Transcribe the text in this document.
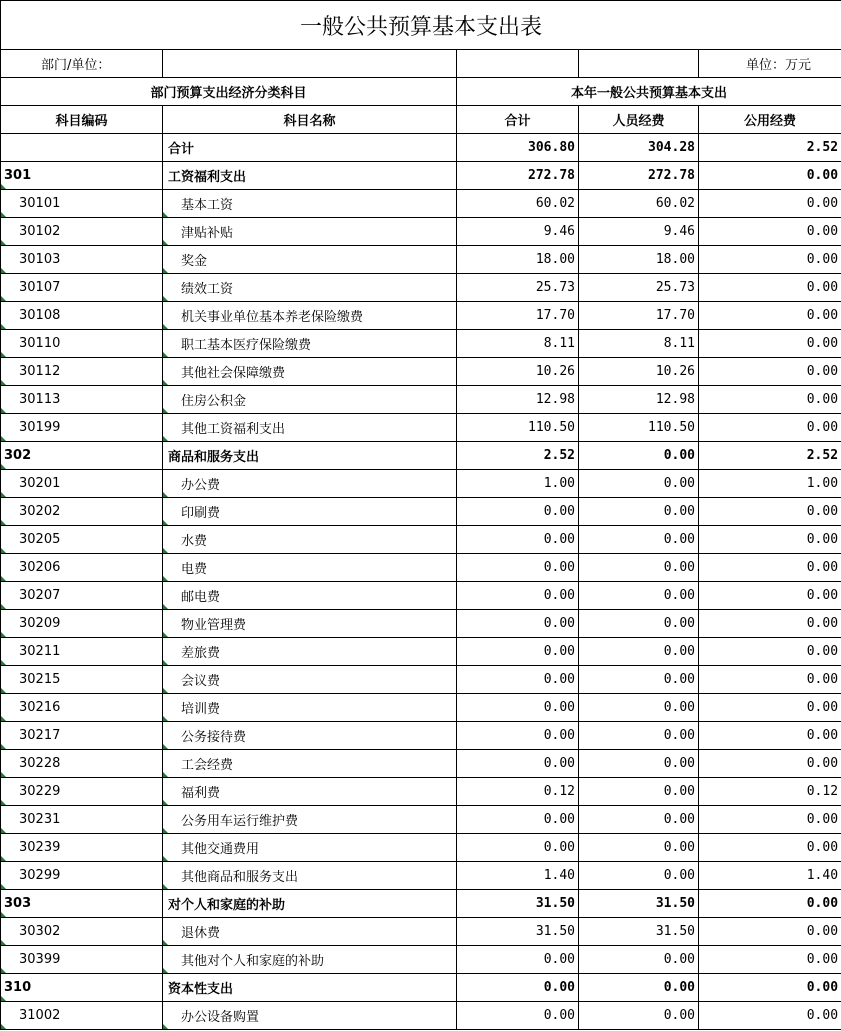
一般公共预算基本支出表				
部门/单位：				单位：万元
部门预算支出经济分类科目		本年一般公共预算基本支出		
科目编码	科目名称	合计	人员经费	公用经费
	合计	306.80	304.28	2.52
301	工资福利支出	272.78	272.78	0.00
30101	基本工资	60.02	60.02	0.00
30102	津贴补贴	9.46	9.46	0.00
30103	奖金	18.00	18.00	0.00
30107	绩效工资	25.73	25.73	0.00
30108	机关事业单位基本养老保险缴费	17.70	17.70	0.00
30110	职工基本医疗保险缴费	8.11	8.11	0.00
30112	其他社会保障缴费	10.26	10.26	0.00
30113	住房公积金	12.98	12.98	0.00
30199	其他工资福利支出	110.50	110.50	0.00
302	商品和服务支出	2.52	0.00	2.52
30201	办公费	1.00	0.00	1.00
30202	印刷费	0.00	0.00	0.00
30205	水费	0.00	0.00	0.00
30206	电费	0.00	0.00	0.00
30207	邮电费	0.00	0.00	0.00
30209	物业管理费	0.00	0.00	0.00
30211	差旅费	0.00	0.00	0.00
30215	会议费	0.00	0.00	0.00
30216	培训费	0.00	0.00	0.00
30217	公务接待费	0.00	0.00	0.00
30228	工会经费	0.00	0.00	0.00
30229	福利费	0.12	0.00	0.12
30231	公务用车运行维护费	0.00	0.00	0.00
30239	其他交通费用	0.00	0.00	0.00
30299	其他商品和服务支出	1.40	0.00	1.40
303	对个人和家庭的补助	31.50	31.50	0.00
30302	退休费	31.50	31.50	0.00
30399	其他对个人和家庭的补助	0.00	0.00	0.00
310	资本性支出	0.00	0.00	0.00
31002	办公设备购置	0.00	0.00	0.00
